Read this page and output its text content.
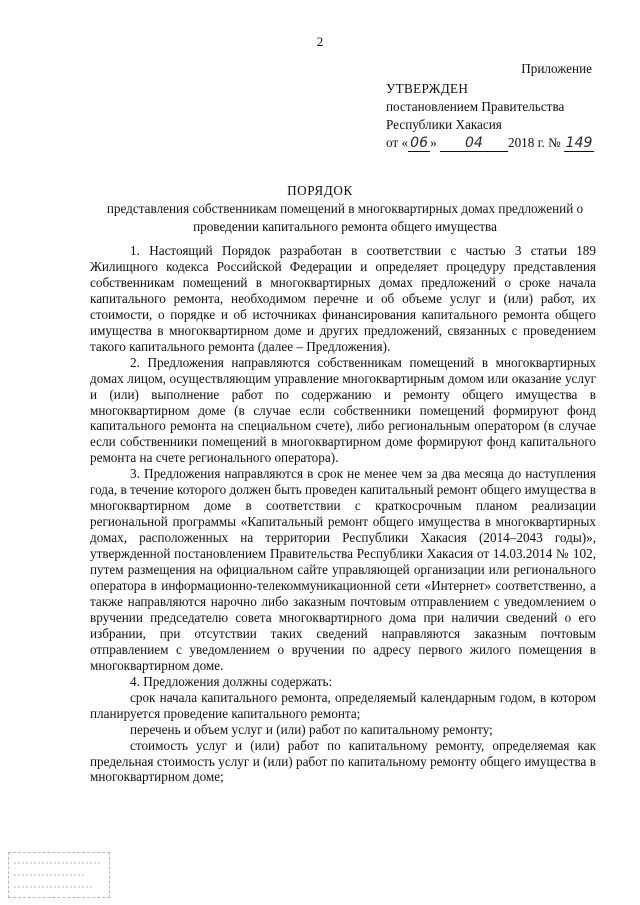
2
Приложение
УТВЕРЖДЕН
постановлением Правительства
Республики Хакасия
от « 06 » 04 2018 г. № 149
ПОРЯДОК
представления собственникам помещений в многоквартирных домах предложений о проведении капитального ремонта общего имущества

1. Настоящий Порядок разработан в соответствии с частью 3 статьи 189 Жилищного кодекса Российской Федерации и определяет процедуру представления собственникам помещений в многоквартирных домах предложений о сроке начала капитального ремонта, необходимом перечне и об объеме услуг и (или) работ, их стоимости, о порядке и об источниках финансирования капитального ремонта общего имущества в многоквартирном доме и других предложений, связанных с проведением такого капитального ремонта (далее – Предложения).

2. Предложения направляются собственникам помещений в многоквартирных домах лицом, осуществляющим управление многоквартирным домом или оказание услуг и (или) выполнение работ по содержанию и ремонту общего имущества в многоквартирном доме (в случае если собственники помещений формируют фонд капитального ремонта на специальном счете), либо региональным оператором (в случае если собственники помещений в многоквартирном доме формируют фонд капитального ремонта на счете регионального оператора).

3. Предложения направляются в срок не менее чем за два месяца до наступления года, в течение которого должен быть проведен капитальный ремонт общего имущества в многоквартирном доме в соответствии с краткосрочным планом реализации региональной программы «Капитальный ремонт общего имущества в многоквартирных домах, расположенных на территории Республики Хакасия (2014–2043 годы)», утвержденной постановлением Правительства Республики Хакасия от 14.03.2014 № 102, путем размещения на официальном сайте управляющей организации или регионального оператора в информационно-телекоммуникационной сети «Интернет» соответственно, а также направляются нарочно либо заказным почтовым отправлением с уведомлением о вручении председателю совета многоквартирного дома при наличии сведений о его избрании, при отсутствии таких сведений направляются заказным почтовым отправлением с уведомлением о вручении по адресу первого жилого помещения в многоквартирном доме.

4. Предложения должны содержать:

срок начала капитального ремонта, определяемый календарным годом, в котором планируется проведение капитального ремонта;

перечень и объем услуг и (или) работ по капитальному ремонту;

стоимость услуг и (или) работ по капитальному ремонту, определяемая как предельная стоимость услуг и (или) работ по капитальному ремонту общего имущества в многоквартирном доме;
